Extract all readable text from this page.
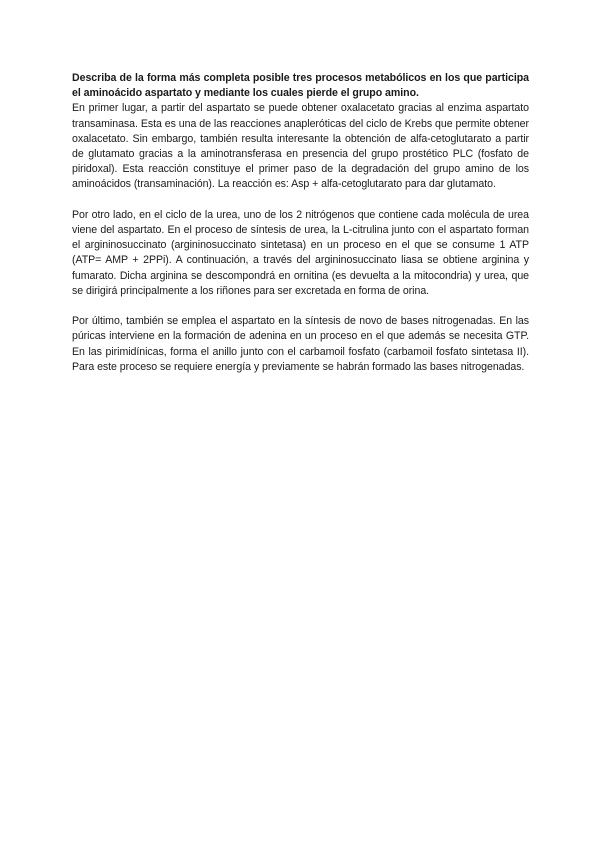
Describa de la forma más completa posible tres procesos metabólicos en los que participa el aminoácido aspartato y mediante los cuales pierde el grupo amino.

En primer lugar, a partir del aspartato se puede obtener oxalacetato gracias al enzima aspartato transaminasa. Esta es una de las reacciones anapleróticas del ciclo de Krebs que permite obtener oxalacetato. Sin embargo, también resulta interesante la obtención de alfa-cetoglutarato a partir de glutamato gracias a la aminotransferasa en presencia del grupo prostético PLC (fosfato de piridoxal). Esta reacción constituye el primer paso de la degradación del grupo amino de los aminoácidos (transaminación). La reacción es: Asp + alfa-cetoglutarato para dar glutamato.

Por otro lado, en el ciclo de la urea, uno de los 2 nitrógenos que contiene cada molécula de urea viene del aspartato. En el proceso de síntesis de urea, la L-citrulina junto con el aspartato forman el argininosuccinato (argininosuccinato sintetasa) en un proceso en el que se consume 1 ATP (ATP= AMP + 2PPi). A continuación, a través del argininosuccinato liasa se obtiene arginina y fumarato. Dicha arginina se descompondrá en ornitina (es devuelta a la mitocondria) y urea, que se dirigirá principalmente a los riñones para ser excretada en forma de orina.

Por último, también se emplea el aspartato en la síntesis de novo de bases nitrogenadas. En las púricas interviene en la formación de adenina en un proceso en el que además se necesita GTP. En las pirimidínicas, forma el anillo junto con el carbamoil fosfato (carbamoil fosfato sintetasa II). Para este proceso se requiere energía y previamente se habrán formado las bases nitrogenadas.
